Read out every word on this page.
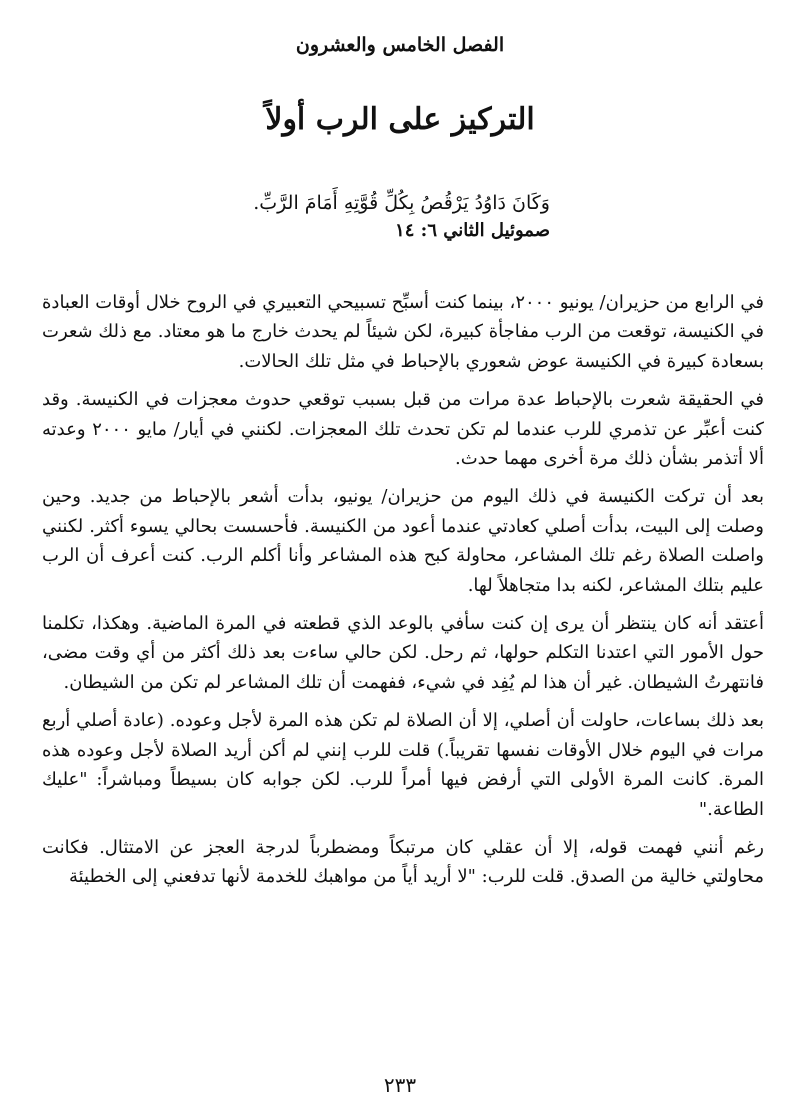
الفصل الخامس والعشرون
التركيز على الرب أولاً
وَكَانَ دَاوُدُ يَرْقُصُ بِكُلِّ قُوَّتِهِ أَمَامَ الرَّبِّ.
صموئيل الثاني ٦: ١٤

في الرابع من حزيران/ يونيو ٢٠٠٠، بينما كنت أسبِّح تسبيحي التعبيري في الروح خلال أوقات العبادة في الكنيسة، توقعت من الرب مفاجأة كبيرة، لكن شيئاً لم يحدث خارج ما هو معتاد. مع ذلك شعرت بسعادة كبيرة في الكنيسة عوض شعوري بالإحباط في مثل تلك الحالات.

في الحقيقة شعرت بالإحباط عدة مرات من قبل بسبب توقعي حدوث معجزات في الكنيسة. وقد كنت أعبِّر عن تذمري للرب عندما لم تكن تحدث تلك المعجزات. لكنني في أيار/ مايو ٢٠٠٠ وعدته ألا أتذمر بشأن ذلك مرة أخرى مهما حدث.

بعد أن تركت الكنيسة في ذلك اليوم من حزيران/ يونيو، بدأت أشعر بالإحباط من جديد. وحين وصلت إلى البيت، بدأت أصلي كعادتي عندما أعود من الكنيسة. فأحسست بحالي يسوء أكثر. لكنني واصلت الصلاة رغم تلك المشاعر، محاولة كبح هذه المشاعر وأنا أكلم الرب. كنت أعرف أن الرب عليم بتلك المشاعر، لكنه بدا متجاهلاً لها.

أعتقد أنه كان ينتظر أن يرى إن كنت سأفي بالوعد الذي قطعته في المرة الماضية. وهكذا، تكلمنا حول الأمور التي اعتدنا التكلم حولها، ثم رحل. لكن حالي ساءت بعد ذلك أكثر من أي وقت مضى، فانتهرتُ الشيطان. غير أن هذا لم يُفِد في شيء، ففهمت أن تلك المشاعر لم تكن من الشيطان.

بعد ذلك بساعات، حاولت أن أصلي، إلا أن الصلاة لم تكن هذه المرة لأجل وعوده. (عادة أصلي أربع مرات في اليوم خلال الأوقات نفسها تقريباً.) قلت للرب إنني لم أكن أريد الصلاة لأجل وعوده هذه المرة. كانت المرة الأولى التي أرفض فيها أمراً للرب. لكن جوابه كان بسيطاً ومباشراً: "عليك الطاعة."

رغم أنني فهمت قوله، إلا أن عقلي كان مرتبكاً ومضطرباً لدرجة العجز عن الامتثال. فكانت محاولتي خالية من الصدق. قلت للرب: "لا أريد أياً من مواهبك للخدمة لأنها تدفعني إلى الخطيئة

٢٣٣
